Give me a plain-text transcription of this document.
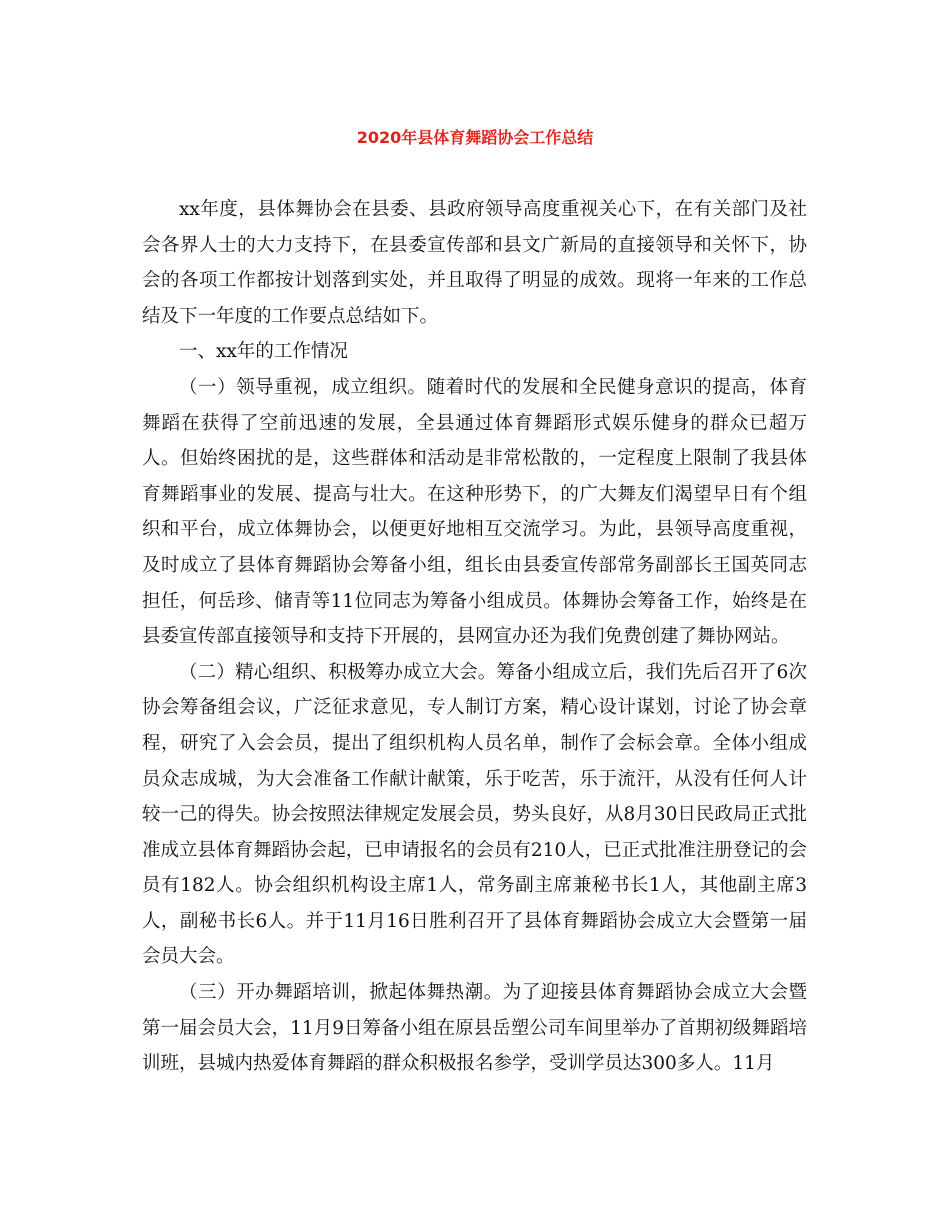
2020年县体育舞蹈协会工作总结

xx年度，县体舞协会在县委、县政府领导高度重视关心下，在有关部门及社会各界人士的大力支持下，在县委宣传部和县文广新局的直接领导和关怀下，协会的各项工作都按计划落到实处，并且取得了明显的成效。现将一年来的工作总结及下一年度的工作要点总结如下。

一、xx年的工作情况

（一）领导重视，成立组织。随着时代的发展和全民健身意识的提高，体育舞蹈在获得了空前迅速的发展，全县通过体育舞蹈形式娱乐健身的群众已超万人。但始终困扰的是，这些群体和活动是非常松散的，一定程度上限制了我县体育舞蹈事业的发展、提高与壮大。在这种形势下，的广大舞友们渴望早日有个组织和平台，成立体舞协会，以便更好地相互交流学习。为此，县领导高度重视，及时成立了县体育舞蹈协会筹备小组，组长由县委宣传部常务副部长王国英同志担任，何岳珍、储青等11位同志为筹备小组成员。体舞协会筹备工作，始终是在县委宣传部直接领导和支持下开展的，县网宣办还为我们免费创建了舞协网站。

（二）精心组织、积极筹办成立大会。筹备小组成立后，我们先后召开了6次协会筹备组会议，广泛征求意见，专人制订方案，精心设计谋划，讨论了协会章程，研究了入会会员，提出了组织机构人员名单，制作了会标会章。全体小组成员众志成城，为大会准备工作献计献策，乐于吃苦，乐于流汗，从没有任何人计较一己的得失。协会按照法律规定发展会员，势头良好，从8月30日民政局正式批准成立县体育舞蹈协会起，已申请报名的会员有210人，已正式批准注册登记的会员有182人。协会组织机构设主席1人，常务副主席兼秘书长1人，其他副主席3人，副秘书长6人。并于11月16日胜利召开了县体育舞蹈协会成立大会暨第一届会员大会。

（三）开办舞蹈培训，掀起体舞热潮。为了迎接县体育舞蹈协会成立大会暨第一届会员大会，11月9日筹备小组在原县岳塑公司车间里举办了首期初级舞蹈培训班，县城内热爱体育舞蹈的群众积极报名参学，受训学员达300多人。11月
